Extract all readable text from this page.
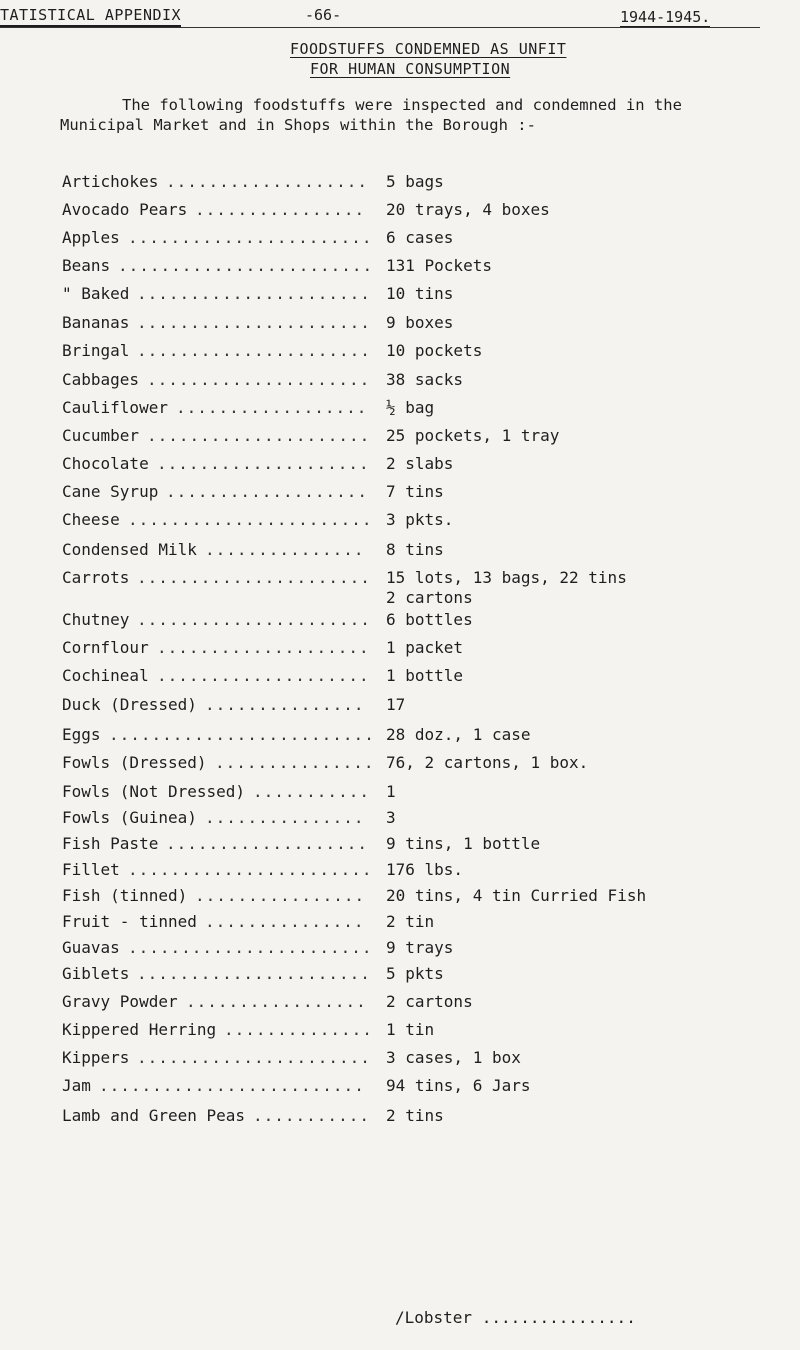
TATISTICAL APPENDIX	-66-	1944-1945.
FOODSTUFFS CONDEMNED AS UNFIT
FOR HUMAN CONSUMPTION
The following foodstuffs were inspected and condemned in the
Municipal Market and in Shops within the Borough :-
Artichokes ................... 5 bags
Avocado Pears ................ 20 trays, 4 boxes
Apples ....................... 6 cases
Beans ........................ 131 Pockets
" Baked ...................... 10 tins
Bananas ...................... 9 boxes
Bringal ...................... 10 pockets
Cabbages ..................... 38 sacks
Cauliflower .................. ½ bag
Cucumber ..................... 25 pockets, 1 tray
Chocolate .................... 2 slabs
Cane Syrup ................... 7 tins
Cheese ....................... 3 pkts.
Condensed Milk ............... 8 tins
Carrots ...................... 15 lots, 13 bags, 22 tins
2 cartons
Chutney ...................... 6 bottles
Cornflour .................... 1 packet
Cochineal .................... 1 bottle
Duck (Dressed) ............... 17
Eggs ......................... 28 doz., 1 case
Fowls (Dressed) ............... 76, 2 cartons, 1 box.
Fowls (Not Dressed) ........... 1
Fowls (Guinea) ............... 3
Fish Paste ................... 9 tins, 1 bottle
Fillet ....................... 176 lbs.
Fish (tinned) ................ 20 tins, 4 tin Curried Fish
Fruit - tinned ............... 2 tin
Guavas ....................... 9 trays
Giblets ...................... 5 pkts
Gravy Powder ................. 2 cartons
Kippered Herring .............. 1 tin
Kippers ...................... 3 cases, 1 box
Jam ......................... 94 tins, 6 Jars
Lamb and Green Peas ........... 2 tins
/Lobster ................
